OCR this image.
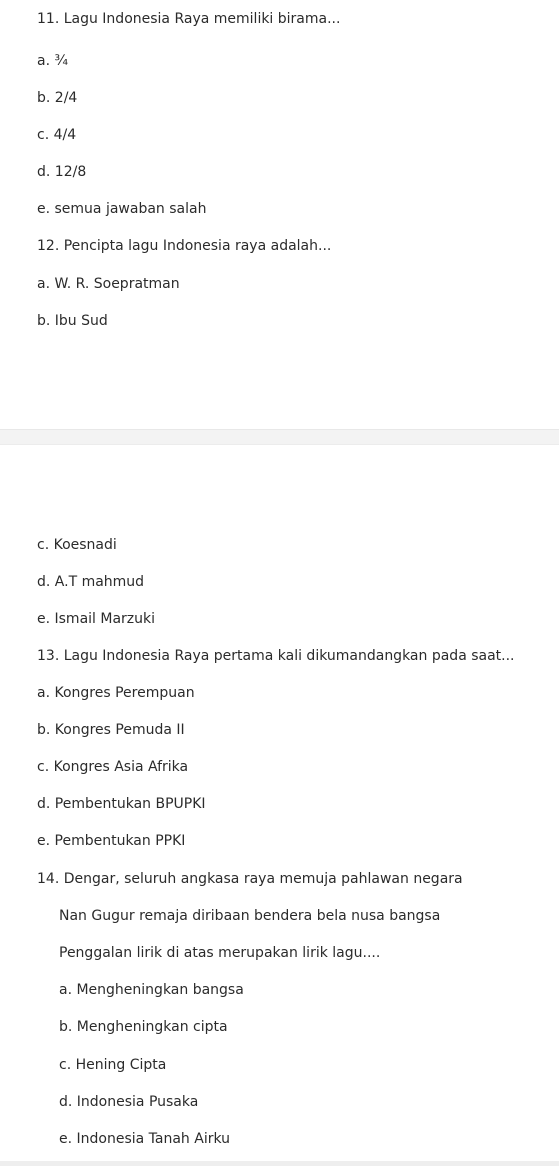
11. Lagu Indonesia Raya memiliki birama...
a. ¾
b. 2/4
c. 4/4
d. 12/8
e. semua jawaban salah
12. Pencipta lagu Indonesia raya adalah...
a. W. R. Soepratman
b. Ibu Sud
c. Koesnadi
d. A.T mahmud
e. Ismail Marzuki
13. Lagu Indonesia Raya pertama kali dikumandangkan pada saat...
a. Kongres Perempuan
b. Kongres Pemuda II
c. Kongres Asia Afrika
d. Pembentukan BPUPKI
e. Pembentukan PPKI
14. Dengar, seluruh angkasa raya memuja pahlawan negara
Nan Gugur remaja diribaan bendera bela nusa bangsa
Penggalan lirik di atas merupakan lirik lagu....
a. Mengheningkan bangsa
b. Mengheningkan cipta
c. Hening Cipta
d. Indonesia Pusaka
e. Indonesia Tanah Airku
